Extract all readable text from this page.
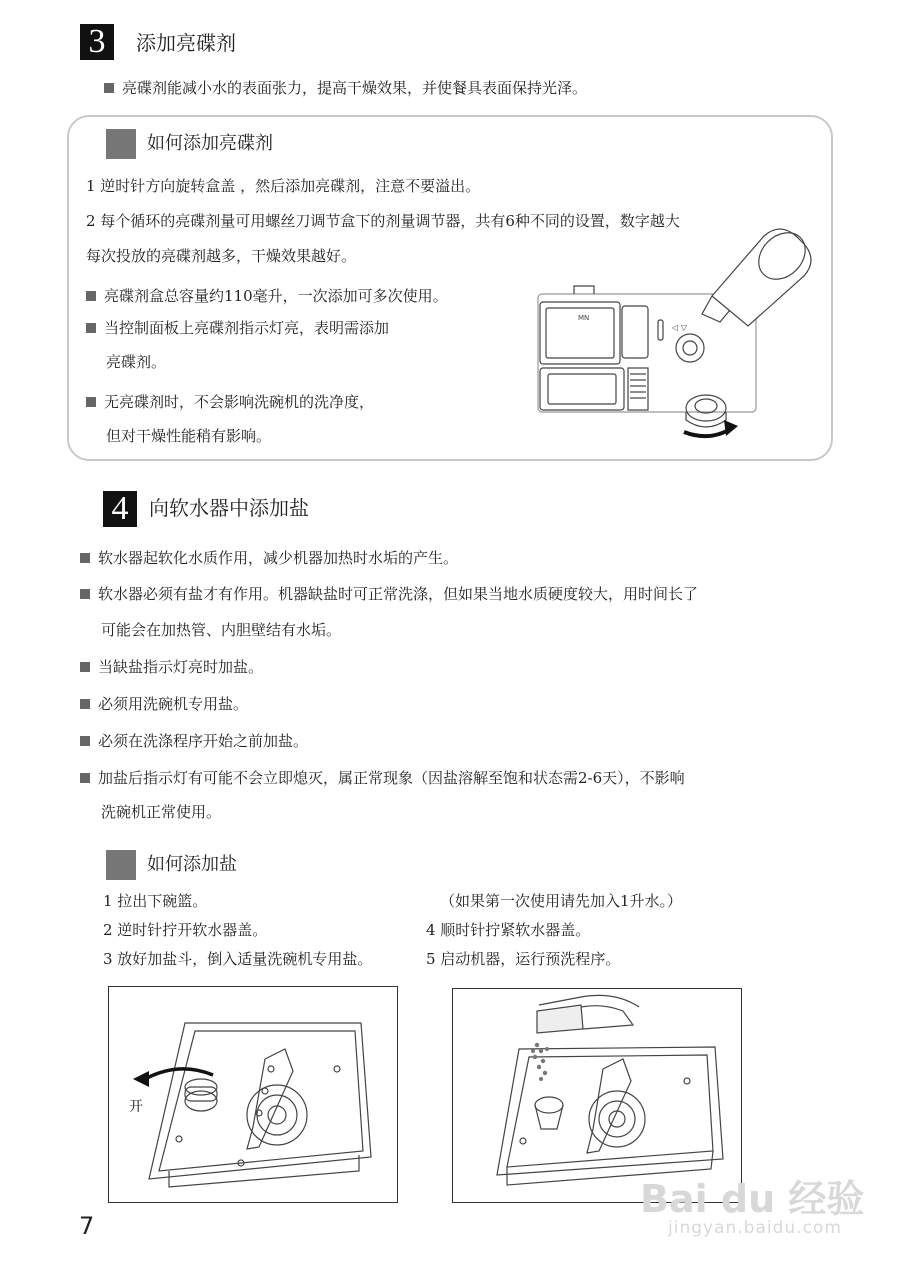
3	添加亮碟剂
亮碟剂能减小水的表面张力，提高干燥效果，并使餐具表面保持光泽。
如何添加亮碟剂
1 逆时针方向旋转盒盖 ，然后添加亮碟剂，注意不要溢出。
2 每个循环的亮碟剂量可用螺丝刀调节盒下的剂量调节器，共有6种不同的设置，数字越大
每次投放的亮碟剂越多，干燥效果越好。
亮碟剂盒总容量约110毫升，一次添加可多次使用。
当控制面板上亮碟剂指示灯亮，表明需添加
亮碟剂。
无亮碟剂时，不会影响洗碗机的洗净度，
但对干燥性能稍有影响。
◁ ▽
MN
4	向软水器中添加盐
软水器起软化水质作用，减少机器加热时水垢的产生。
软水器必须有盐才有作用。机器缺盐时可正常洗涤，但如果当地水质硬度较大，用时间长了
可能会在加热管、内胆壁结有水垢。
当缺盐指示灯亮时加盐。
必须用洗碗机专用盐。
必须在洗涤程序开始之前加盐。
加盐后指示灯有可能不会立即熄灭，属正常现象（因盐溶解至饱和状态需2-6天），不影响
洗碗机正常使用。
如何添加盐
1 拉出下碗篮。
2 逆时针拧开软水器盖。
3 放好加盐斗，倒入适量洗碗机专用盐。
（如果第一次使用请先加入1升水。）
4 顺时针拧紧软水器盖。
5 启动机器，运行预洗程序。
开
7
Bai du 经验
jingyan.baidu.com
